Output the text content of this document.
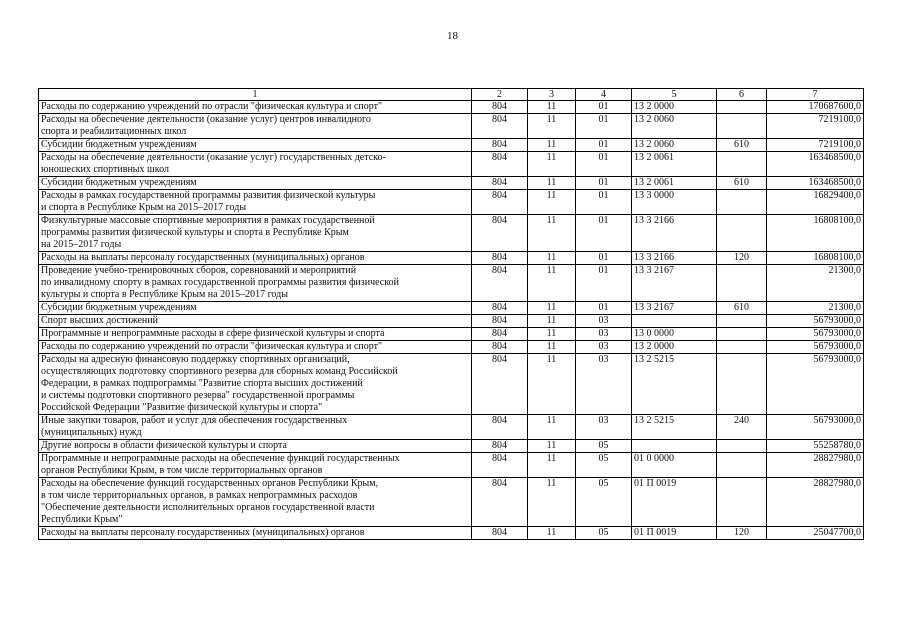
18
1	2	3	4	5	6	7
Расходы по содержанию учреждений по отрасли "физическая культура и спорт"	804	11	01	13 2 0000		170687600,0
Расходы на обеспечение деятельности (оказание услуг) центров инвалидного
спорта и реабилитационных школ	804	11	01	13 2 0060		7219100,0
Субсидии бюджетным учреждениям	804	11	01	13 2 0060	610	7219100,0
Расходы на обеспечение деятельности (оказание услуг) государственных детско-
юношеских спортивных школ	804	11	01	13 2 0061		163468500,0
Субсидии бюджетным учреждениям	804	11	01	13 2 0061	610	163468500,0
Расходы в рамках государственной программы развития физической культуры
и спорта в Республике Крым на 2015–2017 годы	804	11	01	13 3 0000		16829400,0
Физкультурные массовые спортивные мероприятия в рамках государственной
программы развития физической культуры и спорта в Республике Крым
на 2015–2017 годы	804	11	01	13 3 2166		16808100,0
Расходы на выплаты персоналу государственных (муниципальных) органов	804	11	01	13 3 2166	120	16808100,0
Проведение учебно-тренировочных сборов, соревнований и мероприятий
по инвалидному спорту в рамках государственной программы развития физической
культуры и спорта в Республике Крым на 2015–2017 годы	804	11	01	13 3 2167		21300,0
Субсидии бюджетным учреждениям	804	11	01	13 3 2167	610	21300,0
Спорт высших достижений	804	11	03			56793000,0
Программные и непрограммные расходы в сфере физической культуры и спорта	804	11	03	13 0 0000		56793000,0
Расходы по содержанию учреждений по отрасли "физическая культура и спорт"	804	11	03	13 2 0000		56793000,0
Расходы на адресную финансовую поддержку спортивных организаций,
осуществляющих подготовку спортивного резерва для сборных команд Российской
Федерации, в рамках подпрограммы "Развитие спорта высших достижений
и системы подготовки спортивного резерва" государственной программы
Российской Федерации "Развитие физической культуры и спорта"	804	11	03	13 2 5215		56793000,0
Иные закупки товаров, работ и услуг для обеспечения государственных
(муниципальных) нужд	804	11	03	13 2 5215	240	56793000,0
Другие вопросы в области физической культуры и спорта	804	11	05			55258780,0
Программные и непрограммные расходы на обеспечение функций государственных
органов Республики Крым, в том числе территориальных органов	804	11	05	01 0 0000		28827980,0
Расходы на обеспечение функций государственных органов Республики Крым,
в том числе территориальных органов, в рамках непрограммных расходов
"Обеспечение деятельности исполнительных органов государственной власти
Республики Крым"	804	11	05	01 П 0019		28827980,0
Расходы на выплаты персоналу государственных (муниципальных) органов	804	11	05	01 П 0019	120	25047700,0
